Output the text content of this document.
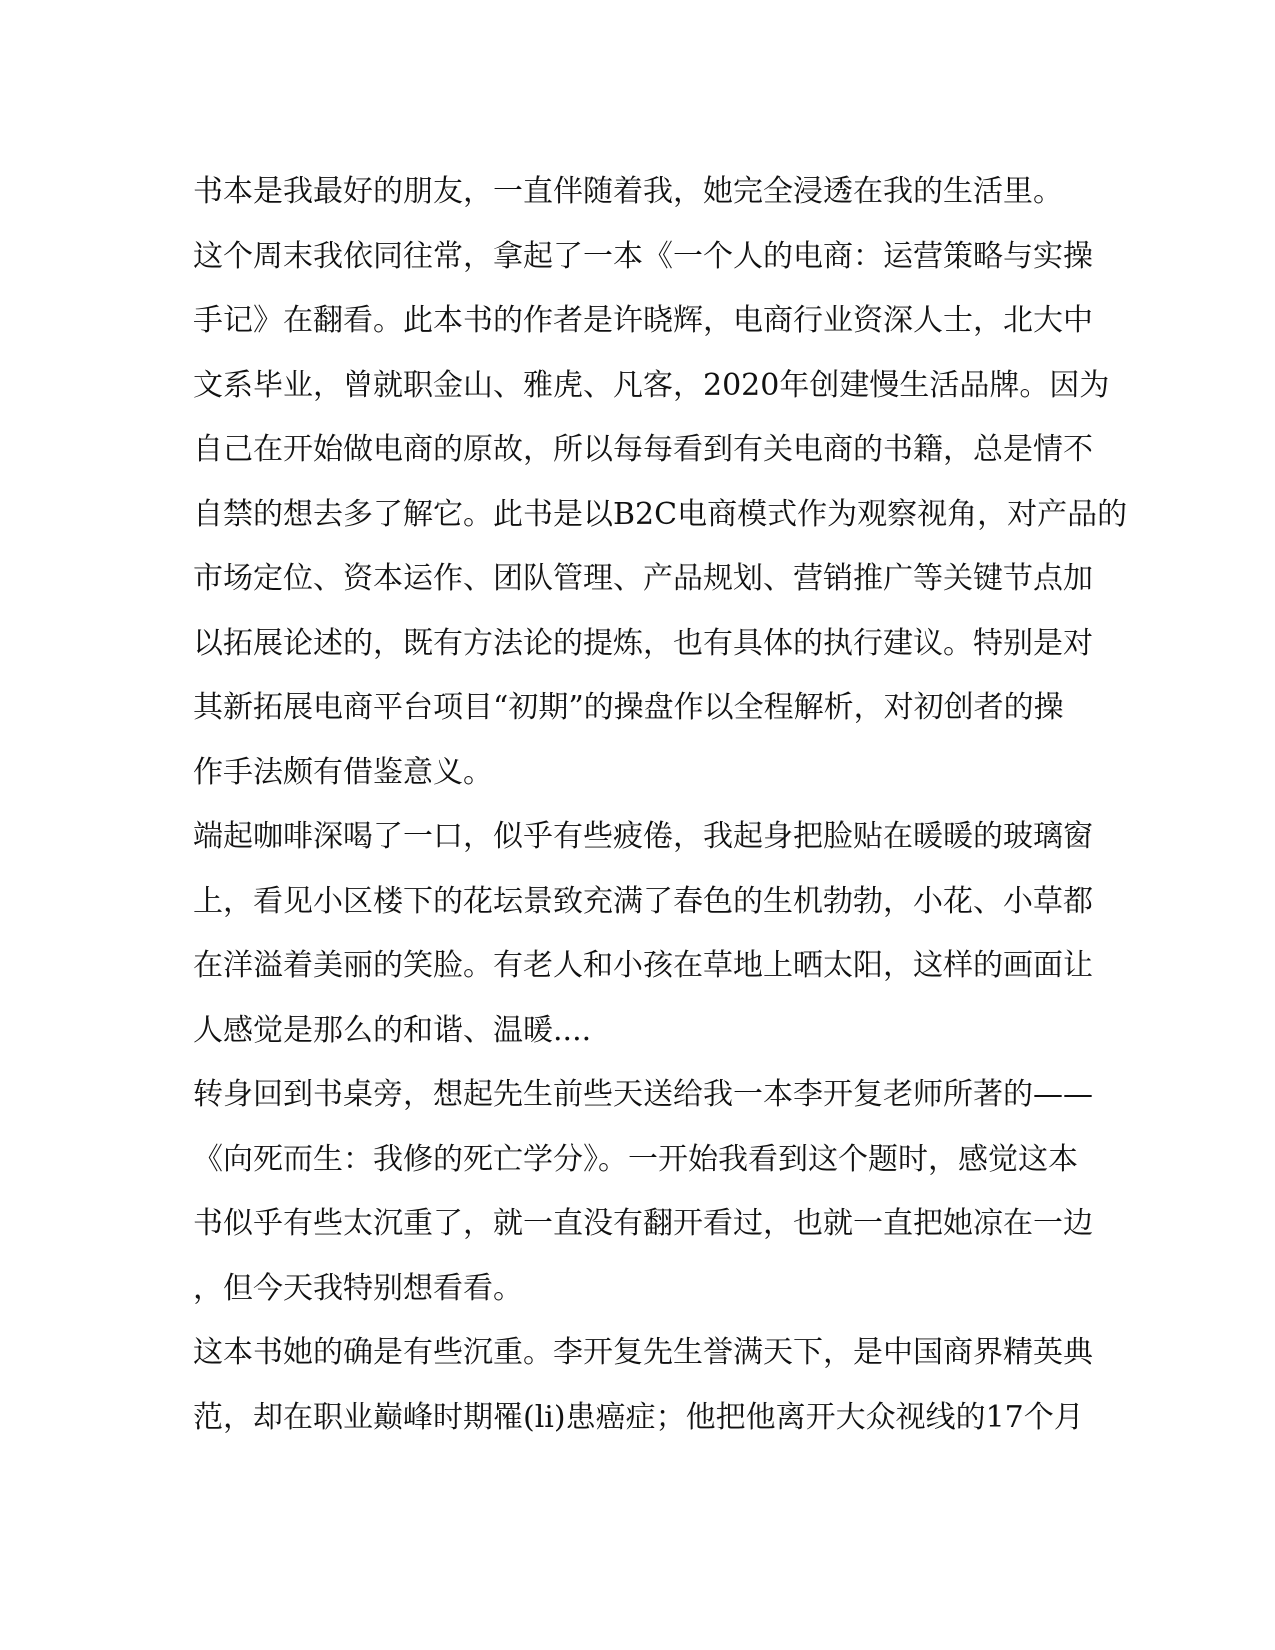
书本是我最好的朋友，一直伴随着我，她完全浸透在我的生活里。
这个周末我依同往常，拿起了一本《一个人的电商：运营策略与实操
手记》在翻看。此本书的作者是许晓辉，电商行业资深人士，北大中
文系毕业，曾就职金山、雅虎、凡客，2020年创建慢生活品牌。因为
自己在开始做电商的原故，所以每每看到有关电商的书籍，总是情不
自禁的想去多了解它。此书是以B2C电商模式作为观察视角，对产品的
市场定位、资本运作、团队管理、产品规划、营销推广等关键节点加
以拓展论述的，既有方法论的提炼，也有具体的执行建议。特别是对
其新拓展电商平台项目“初期”的操盘作以全程解析，对初创者的操
作手法颇有借鉴意义。
端起咖啡深喝了一口，似乎有些疲倦，我起身把脸贴在暖暖的玻璃窗
上，看见小区楼下的花坛景致充满了春色的生机勃勃，小花、小草都
在洋溢着美丽的笑脸。有老人和小孩在草地上晒太阳，这样的画面让
人感觉是那么的和谐、温暖....
转身回到书桌旁，想起先生前些天送给我一本李开复老师所著的——
《向死而生：我修的死亡学分》。一开始我看到这个题时，感觉这本
书似乎有些太沉重了，就一直没有翻开看过，也就一直把她凉在一边
，但今天我特别想看看。
这本书她的确是有些沉重。李开复先生誉满天下，是中国商界精英典
范，却在职业巅峰时期罹(li)患癌症；他把他离开大众视线的17个月
